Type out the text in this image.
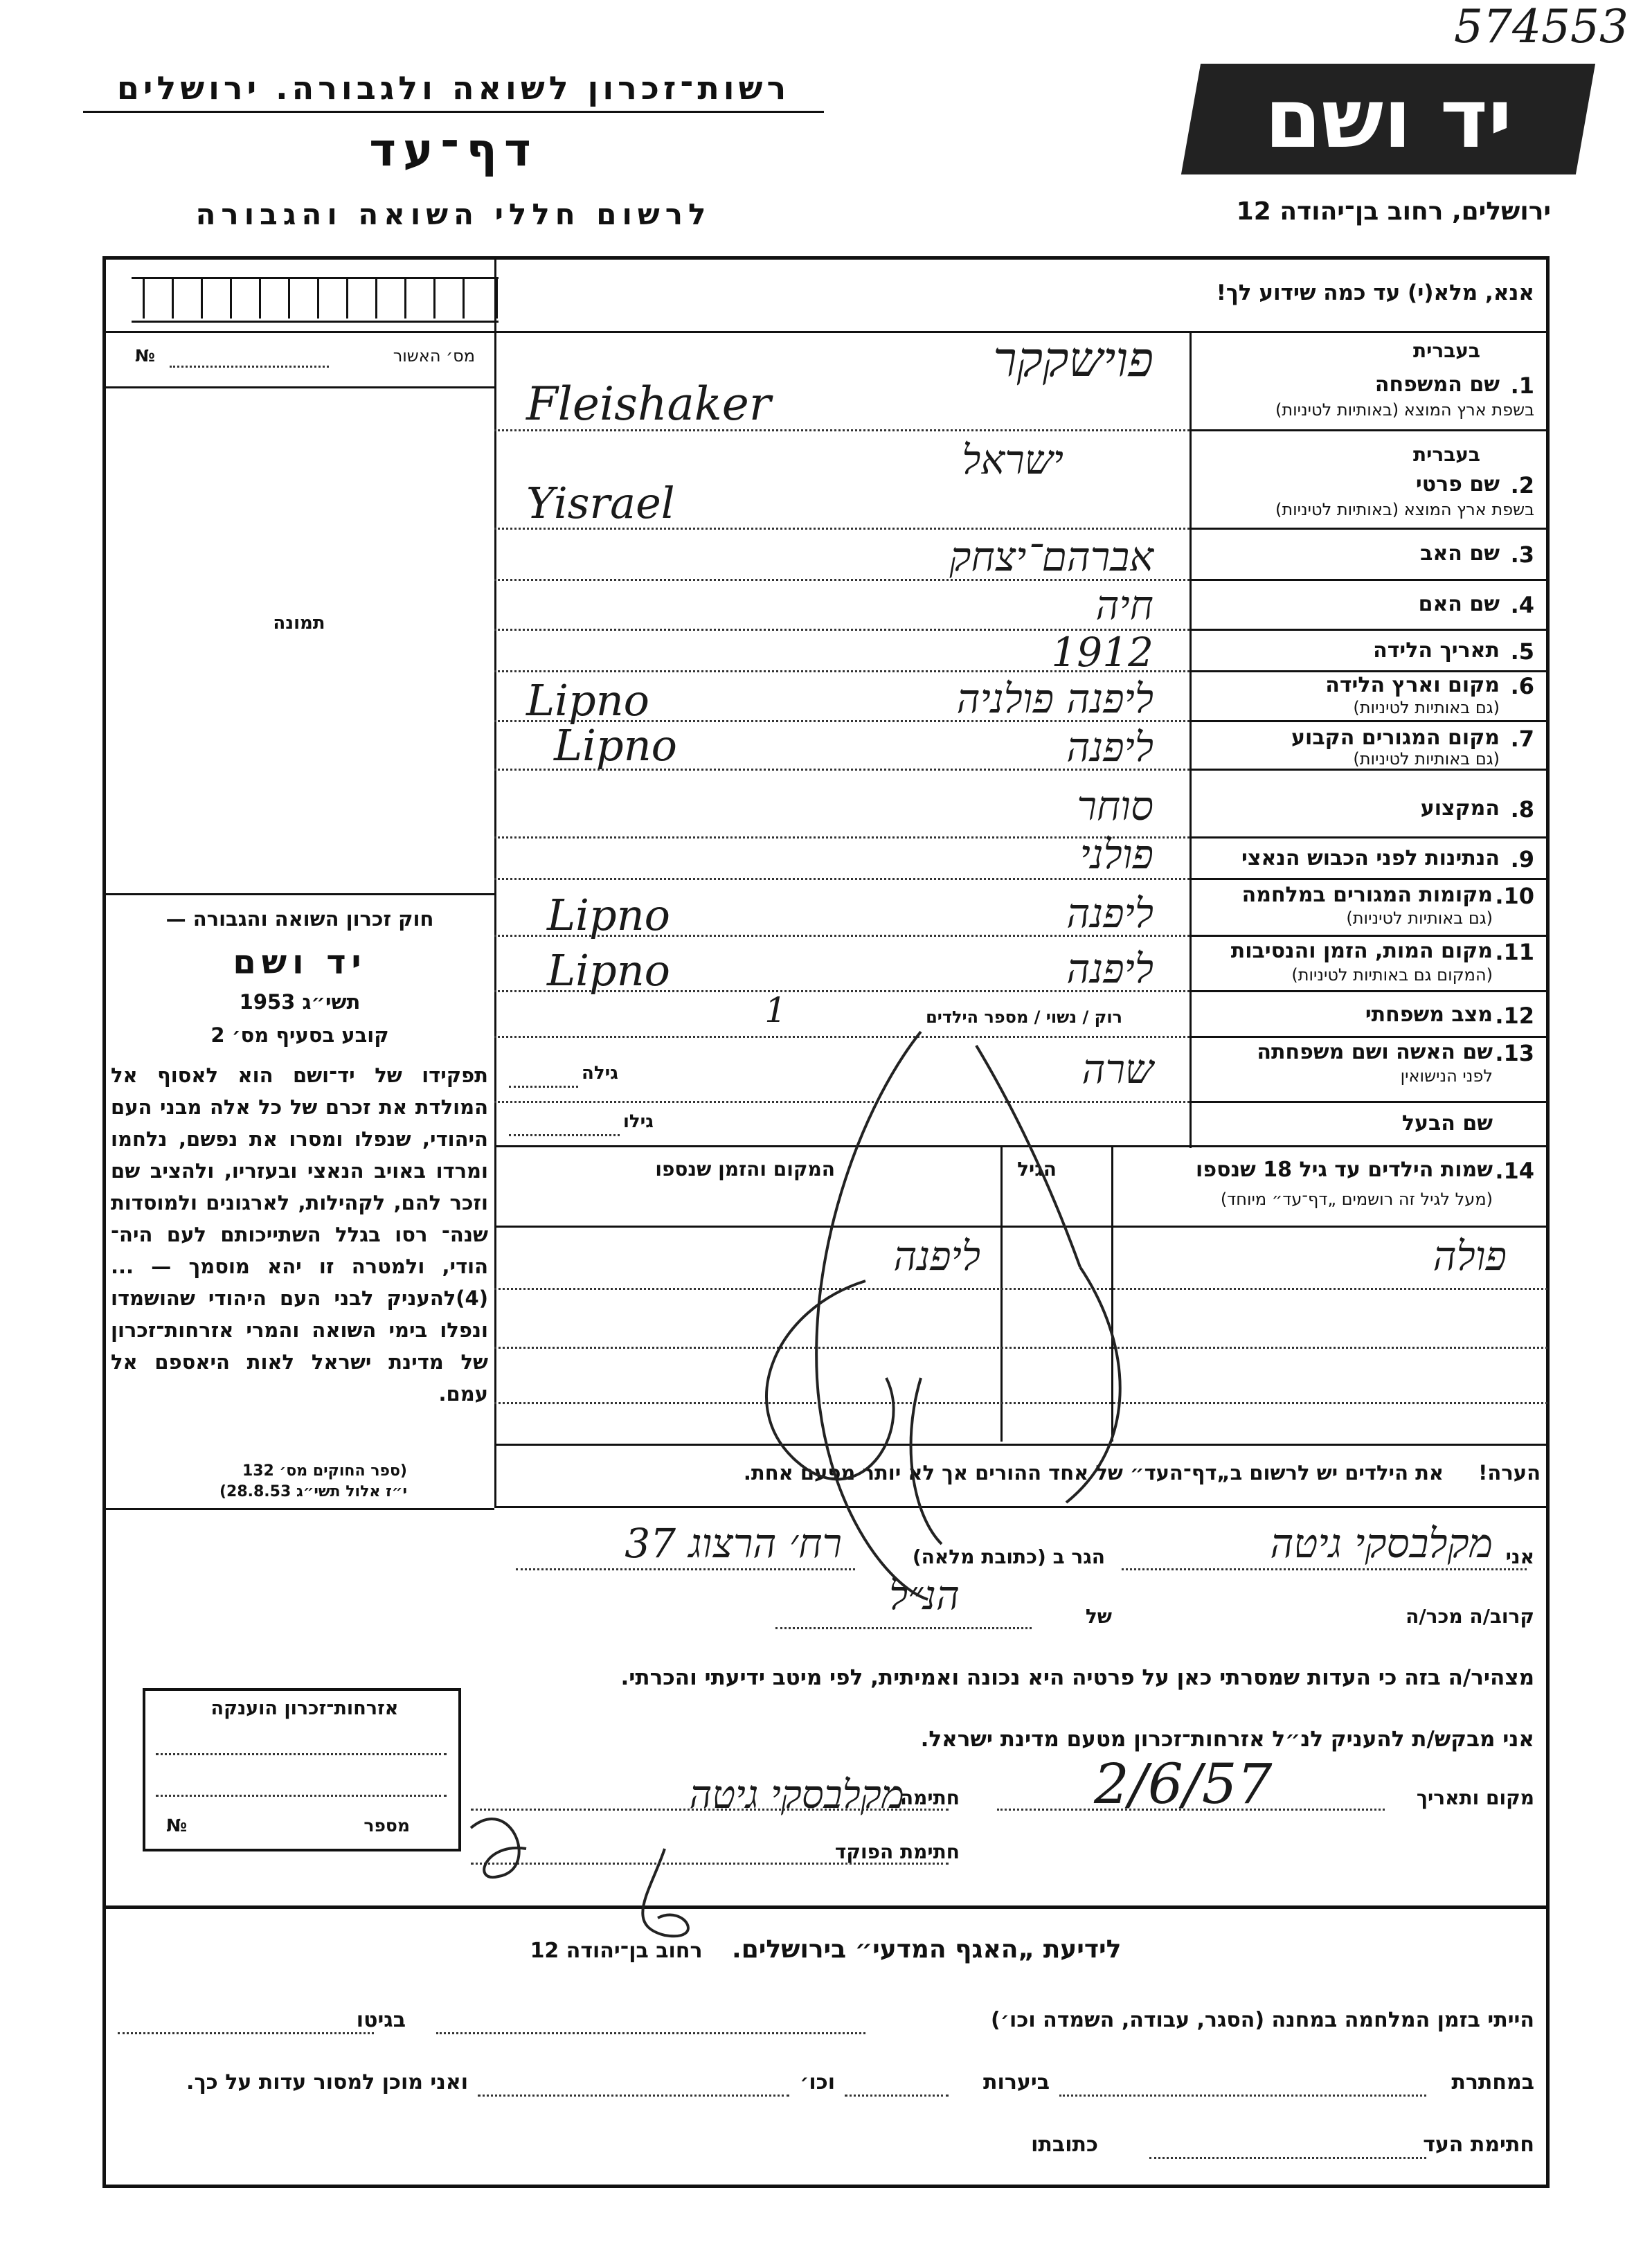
574553
רשות־זכרון לשואה ולגבורה. ירושלים
דף־עד
לרשום חללי השואה והגבורה
יד ושם
ירושלים, רחוב בן־יהודה 12
אנא, מלא(י) עד כמה שידוע לך!
מס׳ האשור
№
תמונה
חוק זכרון השואה והגבורה —
יד ושם
תשי״ג 1953
קובע בסעיף מס׳ 2
תפקידו של יד־ושם הוא לאסוף אל המולדת את זכרם של כל אלה מבני העם היהודי, שנפלו ומסרו את נפשם, נלחמו ומרדו באויב הנאצי ובעזריו, ולהציב שם וזכר להם, לקהילות, לארגונים ולמוסדות שנה־ רסו בגלל השתייכותם לעם היה־ הודי, ולמטרה זו יהא מוסמך — ...(4)להעניק לבני העם היהודי שהושמדו ונפלו בימי השואה והמרי אזרחות־זכרון של מדינת ישראל לאות היאספם אל עמם.
(ספר החוקים מס׳ 132
י״ז אלול תשי״ג 28.8.53)
בעברית
1.
שם המשפחה
בשפת ארץ המוצא (באותיות לטיניות)
פוישקקר
Fleishaker
בעברית
2.
שם פרטי
בשפת ארץ המוצא (באותיות לטיניות)
ישראל
Yisrael
3.
שם האב
אברהם־יצחק
4.
שם האם
חיה
5.
תאריך הלידה
1912
6.
מקום וארץ הלידה
(גם באותיות לטיניות)
ליפנה פולניה
Lipno
7.
מקום המגורים הקבוע
(גם באותיות לטיניות)
ליפנה
Lipno
8.
המקצוע
סוחר
9.
הנתינות לפני הכבוש הנאצי
פולני
10.
מקומות המגורים במלחמה
(גם באותיות לטיניות)
ליפנה
Lipno
11.
מקום המות, הזמן והנסיבות
(המקום גם באותיות לטיניות)
ליפנה
Lipno
12.
מצב משפחתי
רוק / נשוי / מספר הילדים
1
13.
שם האשה ושם משפחתה
לפני הנישואין
שרה
גילה
שם הבעל
גילו
14.
שמות הילדים עד גיל 18 שנספו
(מעל לגיל זה רושמים „דף־עד״ מיוחד)
הגיל
המקום והזמן שנספו
פולה
ליפנה
הערה! את הילדים יש לרשום ב„דף־העד״ של אחד ההורים אך לא יותר מפעם אחת.
אני
מקלבסקי גיטה
הגר ב (כתובת מלאה)
רח׳ הרצוג 37
קרוב/ה מכר/ה
של
הנ״ל
מצהיר/ה בזה כי העדות שמסרתי כאן על פרטיה היא נכונה ואמיתית, לפי מיטב ידיעתי והכרתי.
אני מבקש/ת להעניק לנ״ל אזרחות־זכרון מטעם מדינת ישראל.
מקום ותאריך
2/6/57
חתימה
מקלבסקי גיטה
חתימת הפוקד
אזרחות־זכרון הוענקה
מספר
№
לידיעת „האגף המדעי״ בירושלים. רחוב בן־יהודה 12
הייתי בזמן המלחמה במחנה (הסגר, עבודה, השמדה וכו׳)
בגיטו
במחתרת
ביערות
וכו׳
ואני מוכן למסור עדות על כך.
חתימת העד
כתובתו
